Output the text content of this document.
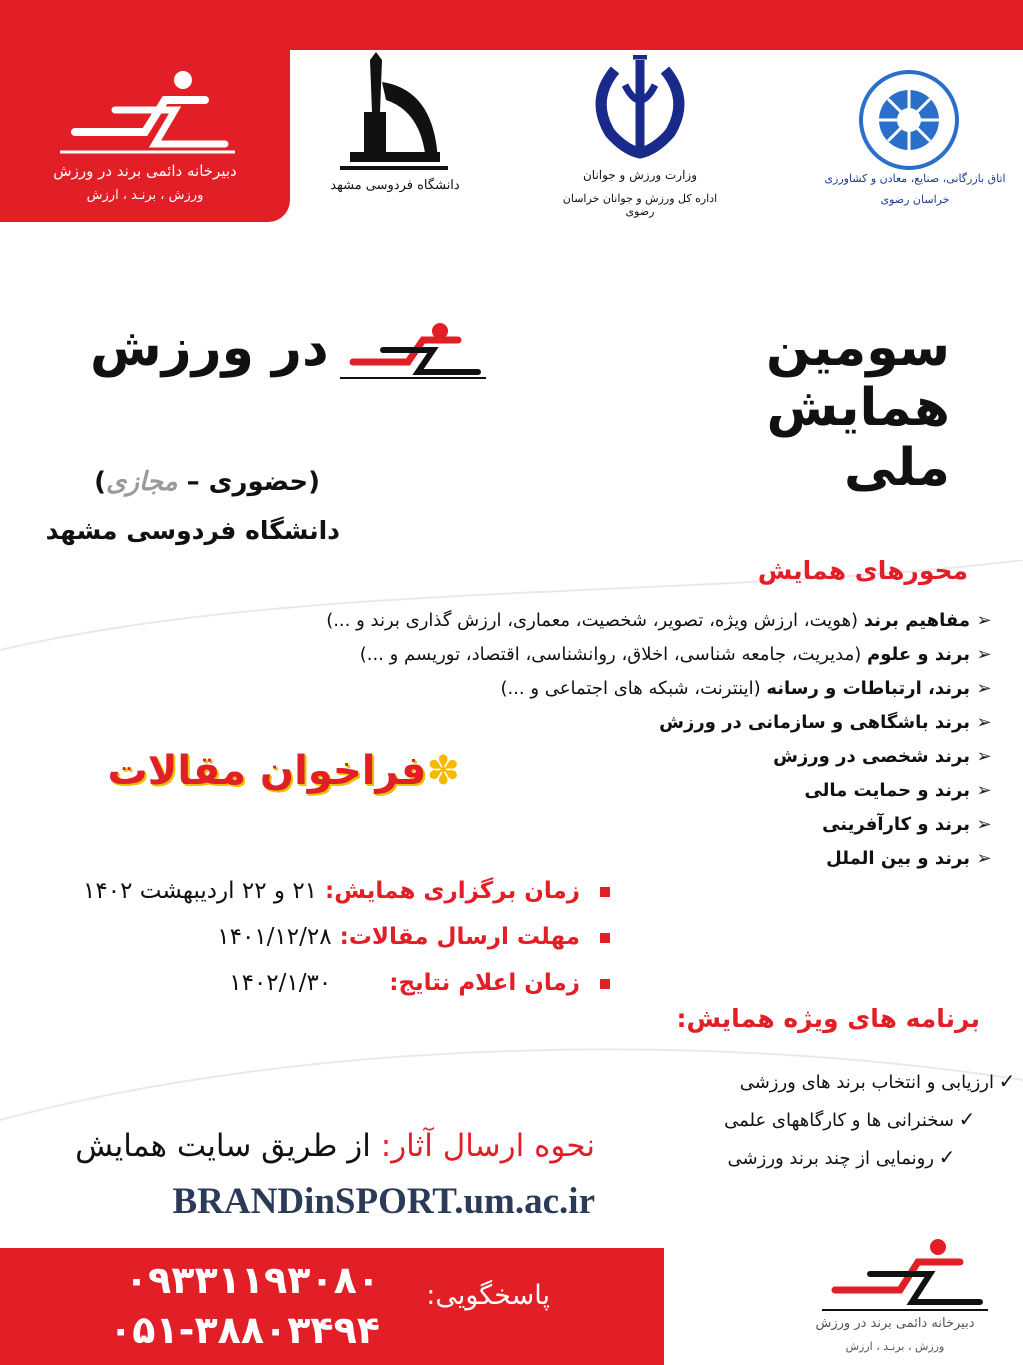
دبیرخانه دائمی برند در ورزش
ورزش ، برنـد ، ارزش
دانشگاه فردوسی مشهد
وزارت ورزش و جوانان
اداره کل ورزش و جوانان خراسان رضوی
اتاق بازرگانی، صنایع، معادن و کشاورزی
خراسان رضوی
سومین همایش ملی
در ورزش
(حضوری – مجازی)
دانشگاه فردوسی مشهد
محورهای همایش
➢مفاهیم برند (هویت، ارزش ویژه، تصویر، شخصیت، معماری، ارزش گذاری برند و ...)
➢برند و علوم (مدیریت، جامعه شناسی، اخلاق، روانشناسی، اقتصاد، توریسم و ...)
➢برند، ارتباطات و رسانه (اینترنت، شبکه های اجتماعی و ...)
➢برند باشگاهی و سازمانی در ورزش
➢برند شخصی در ورزش
➢برند و حمایت مالی
➢برند و کارآفرینی
➢برند و بین الملل
✽فراخوان مقالات
زمان برگزاری همایش: ۲۱ و ۲۲ اردیبهشت ۱۴۰۲
مهلت ارسال مقالات: ۱۴۰۱/۱۲/۲۸
زمان اعلام نتایج: ۱۴۰۲/۱/۳۰
برنامه های ویژه همایش:
✓ارزیابی و انتخاب برند های ورزشی
✓سخنرانی ها و کارگاههای علمی
✓رونمایی از چند برند ورزشی
نحوه ارسال آثار: از طریق سایت همایش
BRANDinSPORT.um.ac.ir
۰۹۳۳۱۱۹۳۰۸۰
۰۵۱-۳۸۸۰۳۴۹۴
پاسخگویی:
دبیرخانه دائمی برند در ورزش
ورزش ، برنـد ، ارزش
